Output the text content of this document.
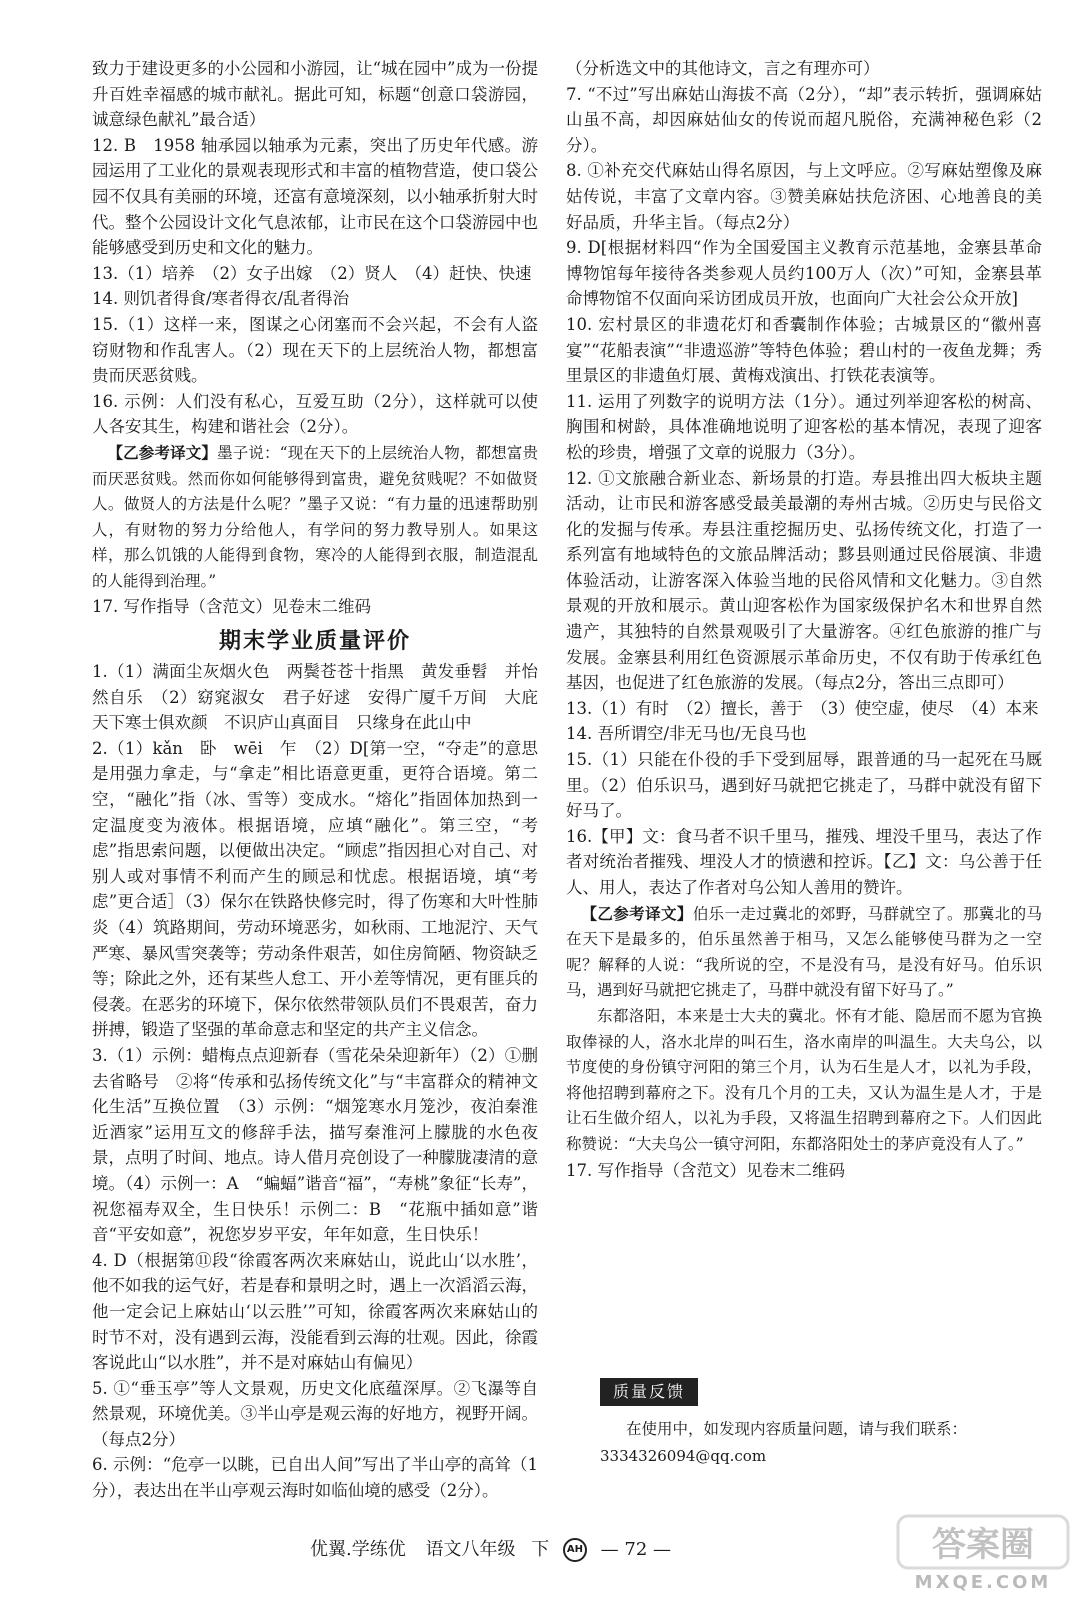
致力于建设更多的小公园和小游园，让“城在园中”成为一份提升百姓幸福感的城市献礼。据此可知，标题“创意口袋游园，诚意绿色献礼”最合适）

12. B　1958 轴承园以轴承为元素，突出了历史年代感。游园运用了工业化的景观表现形式和丰富的植物营造，使口袋公园不仅具有美丽的环境，还富有意境深刻，以小轴承折射大时代。整个公园设计文化气息浓郁，让市民在这个口袋游园中也能够感受到历史和文化的魅力。

13.（1）培养　（2）女子出嫁　（2）贤人　（4）赶快、快速

14. 则饥者得食/寒者得衣/乱者得治

15.（1）这样一来，图谋之心闭塞而不会兴起，不会有人盗窃财物和作乱害人。（2）现在天下的上层统治人物，都想富贵而厌恶贫贱。

16. 示例：人们没有私心，互爱互助（2分），这样就可以使人各安其生，构建和谐社会（2分）。

【乙参考译文】墨子说：“现在天下的上层统治人物，都想富贵而厌恶贫贱。然而你如何能够得到富贵，避免贫贱呢？不如做贤人。做贤人的方法是什么呢？”墨子又说：“有力量的迅速帮助别人，有财物的努力分给他人，有学问的努力教导别人。如果这样，那么饥饿的人能得到食物，寒冷的人能得到衣服，制造混乱的人能得到治理。”

17. 写作指导（含范文）见卷末二维码

期末学业质量评价

1.（1）满面尘灰烟火色　两鬓苍苍十指黑　黄发垂髫　并怡然自乐　（2）窈窕淑女　君子好逑　安得广厦千万间　大庇天下寒士俱欢颜　不识庐山真面目　只缘身在此山中

2.（1）kǎn　卧　wēi　乍　（2）D[第一空，“夺走”的意思是用强力拿走，与“拿走”相比语意更重，更符合语境。第二空，“融化”指（冰、雪等）变成水。“熔化”指固体加热到一定温度变为液体。根据语境，应填“融化”。第三空，“考虑”指思索问题，以便做出决定。“顾虑”指因担心对自己、对别人或对事情不利而产生的顾忌和忧虑。根据语境，填“考虑”更合适］（3）保尔在铁路快修完时，得了伤寒和大叶性肺炎（4）筑路期间，劳动环境恶劣，如秋雨、工地泥泞、天气严寒、暴风雪突袭等；劳动条件艰苦，如住房简陋、物资缺乏等；除此之外，还有某些人怠工、开小差等情况，更有匪兵的侵袭。在恶劣的环境下，保尔依然带领队员们不畏艰苦，奋力拼搏，锻造了坚强的革命意志和坚定的共产主义信念。

3.（1）示例：蜡梅点点迎新春（雪花朵朵迎新年）（2）①删去省略号　②将“传承和弘扬传统文化”与“丰富群众的精神文化生活”互换位置　（3）示例：“烟笼寒水月笼沙，夜泊秦淮近酒家”运用互文的修辞手法，描写秦淮河上朦胧的水色夜景，点明了时间、地点。诗人借月亮创设了一种朦胧凄清的意境。（4）示例一：A　“蝙蝠”谐音“福”，“寿桃”象征“长寿”，祝您福寿双全，生日快乐！示例二：B　“花瓶中插如意”谐音“平安如意”，祝您岁岁平安，年年如意，生日快乐！

4. D（根据第⑪段“徐霞客两次来麻姑山，说此山‘以水胜’，他不如我的运气好，若是春和景明之时，遇上一次滔滔云海，他一定会记上麻姑山‘以云胜’”可知，徐霞客两次来麻姑山的时节不对，没有遇到云海，没能看到云海的壮观。因此，徐霞客说此山“以水胜”，并不是对麻姑山有偏见）

5. ①“垂玉亭”等人文景观，历史文化底蕴深厚。②飞瀑等自然景观，环境优美。③半山亭是观云海的好地方，视野开阔。（每点2分）

6. 示例：“危亭一以眺，已自出人间”写出了半山亭的高耸（1分），表达出在半山亭观云海时如临仙境的感受（2分）。

（分析选文中的其他诗文，言之有理亦可）

7. “不过”写出麻姑山海拔不高（2分），“却”表示转折，强调麻姑山虽不高，却因麻姑仙女的传说而超凡脱俗，充满神秘色彩（2分）。

8. ①补充交代麻姑山得名原因，与上文呼应。②写麻姑塑像及麻姑传说，丰富了文章内容。③赞美麻姑扶危济困、心地善良的美好品质，升华主旨。（每点2分）

9. D[根据材料四“作为全国爱国主义教育示范基地，金寨县革命博物馆每年接待各类参观人员约100万人（次）”可知，金寨县革命博物馆不仅面向采访团成员开放，也面向广大社会公众开放]

10. 宏村景区的非遗花灯和香囊制作体验；古城景区的“徽州喜宴”“花船表演”“非遗巡游”等特色体验；碧山村的一夜鱼龙舞；秀里景区的非遗鱼灯展、黄梅戏演出、打铁花表演等。

11. 运用了列数字的说明方法（1分）。通过列举迎客松的树高、胸围和树龄，具体准确地说明了迎客松的基本情况，表现了迎客松的珍贵，增强了文章的说服力（3分）。

12. ①文旅融合新业态、新场景的打造。寿县推出四大板块主题活动，让市民和游客感受最美最潮的寿州古城。②历史与民俗文化的发掘与传承。寿县注重挖掘历史、弘扬传统文化，打造了一系列富有地域特色的文旅品牌活动；黟县则通过民俗展演、非遗体验活动，让游客深入体验当地的民俗风情和文化魅力。③自然景观的开放和展示。黄山迎客松作为国家级保护名木和世界自然遗产，其独特的自然景观吸引了大量游客。④红色旅游的推广与发展。金寨县利用红色资源展示革命历史，不仅有助于传承红色基因，也促进了红色旅游的发展。（每点2分，答出三点即可）

13.（1）有时　（2）擅长，善于　（3）使空虚，使尽　（4）本来

14. 吾所谓空/非无马也/无良马也

15.（1）只能在仆役的手下受到屈辱，跟普通的马一起死在马厩里。（2）伯乐识马，遇到好马就把它挑走了，马群中就没有留下好马了。

16.【甲】文：食马者不识千里马，摧残、埋没千里马，表达了作者对统治者摧残、埋没人才的愤懑和控诉。【乙】文：乌公善于任人、用人，表达了作者对乌公知人善用的赞许。

【乙参考译文】伯乐一走过冀北的郊野，马群就空了。那冀北的马在天下是最多的，伯乐虽然善于相马，又怎么能够使马群为之一空呢？解释的人说：“我所说的空，不是没有马，是没有好马。伯乐识马，遇到好马就把它挑走了，马群中就没有留下好马了。”

东都洛阳，本来是士大夫的冀北。怀有才能、隐居而不愿为官换取俸禄的人，洛水北岸的叫石生，洛水南岸的叫温生。大夫乌公，以节度使的身份镇守河阳的第三个月，认为石生是人才，以礼为手段，将他招聘到幕府之下。没有几个月的工夫，又认为温生是人才，于是让石生做介绍人，以礼为手段，又将温生招聘到幕府之下。人们因此称赞说：“大夫乌公一镇守河阳，东都洛阳处士的茅庐竟没有人了。”

17. 写作指导（含范文）见卷末二维码

质量反馈
在使用中，如发现内容质量问题，请与我们联系：
3334326094@qq.com
优翼.学练优 语文八年级 下 AH — 72 —	答案圈
MXQE.COM
